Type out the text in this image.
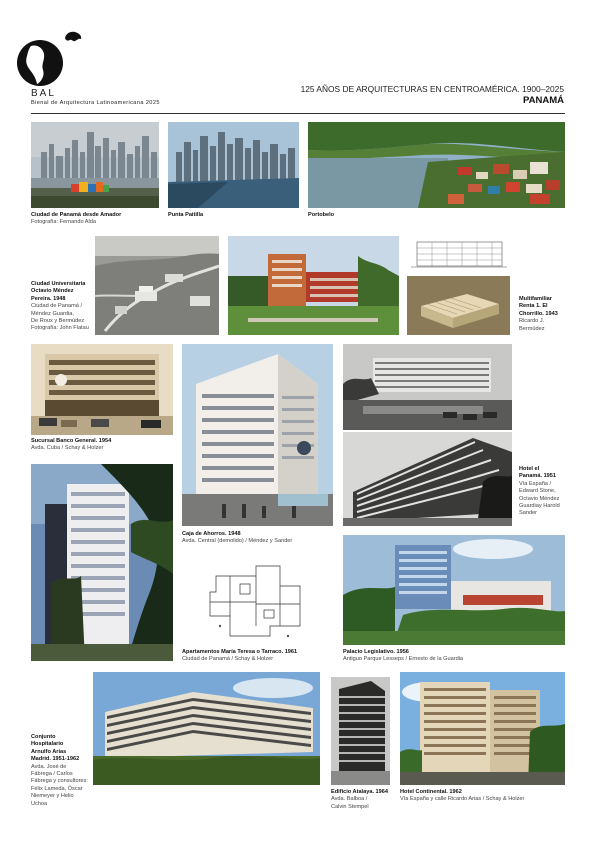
BAL
Bienal de Arquitectura Latinoamericana 2025
125 AÑOS DE ARQUITECTURAS EN CENTROAMÉRICA. 1900–2025
PANAMÁ
Ciudad de Panamá desde Amador
Fotografía: Fernando Alda
Punta Paitilla	Portobelo
Ciudad Universitaria
Octavio Méndez
Pereira. 1948
Ciudad de Panamá /
Méndez Guardia,
De Roux y Bermúdez
Fotografía: John Flatau
Multifamiliar
Renta 1. El
Chorrillo. 1943
Ricardo J.
Bermúdez
Sucursal Banco General. 1954
Avda. Cuba / Schay & Holzer
Caja de Ahorros. 1948
Avda. Central (demolido) / Méndez y Sander
Hotel el
Panamá. 1951
Vía España /
Edward Stone,
Octavio Méndez
Guardiay Harold
Sander
Apartamentos María Teresa o Tarraco. 1961
Ciudad de Panamá / Schay & Holzer
Palacio Legislativo. 1956
Antiguo Parque Lesseps / Ernesto de la Guardia
Conjunto
Hospitalario
Arnulfo Arias
Madrid. 1951-1962
Avda. José de
Fábrega / Carlos
Fábrega y consultores:
Félix Lameda, Óscar
Niemeyer y Helio
Uchoa
Edificio Atalaya. 1964
Avda. Balboa /
Calvin Stempel
Hotel Continental. 1962
Vía España y calle Ricardo Arias / Schay & Holzer
